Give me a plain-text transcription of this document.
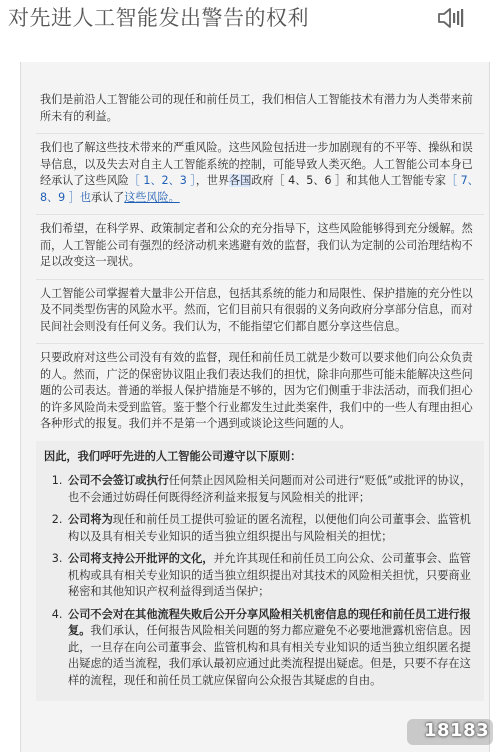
对先进人工智能发出警告的权利

我们是前沿人工智能公司的现任和前任员工，我们相信人工智能技术有潜力为人类带来前所未有的利益。

我们也了解这些技术带来的严重风险。这些风险包括进一步加剧现有的不平等、操纵和误导信息，以及失去对自主人工智能系统的控制，可能导致人类灭绝。人工智能公司本身已经承认了这些风险［ 1、2、3 ］，世界各国政府［ 4、5、6 ］和其他人工智能专家［ 7、8、9 ］也承认了这些风险。

我们希望，在科学界、政策制定者和公众的充分指导下，这些风险能够得到充分缓解。然而，人工智能公司有强烈的经济动机来逃避有效的监督，我们认为定制的公司治理结构不足以改变这一现状。

人工智能公司掌握着大量非公开信息，包括其系统的能力和局限性、保护措施的充分性以及不同类型伤害的风险水平。然而，它们目前只有很弱的义务向政府分享部分信息，而对民间社会则没有任何义务。我们认为，不能指望它们都自愿分享这些信息。

只要政府对这些公司没有有效的监督，现任和前任员工就是少数可以要求他们向公众负责的人。然而，广泛的保密协议阻止我们表达我们的担忧，除非向那些可能未能解决这些问题的公司表达。普通的举报人保护措施是不够的，因为它们侧重于非法活动，而我们担心的许多风险尚未受到监管。鉴于整个行业都发生过此类案件，我们中的一些人有理由担心各种形式的报复。我们并不是第一个遇到或谈论这些问题的人。

因此，我们呼吁先进的人工智能公司遵守以下原则：

1. 公司不会签订或执行任何禁止因风险相关问题而对公司进行“贬低”或批评的协议，也不会通过妨碍任何既得经济利益来报复与风险相关的批评；
2. 公司将为现任和前任员工提供可验证的匿名流程，以便他们向公司董事会、监管机构以及具有相关专业知识的适当独立组织提出与风险相关的担忧；
3. 公司将支持公开批评的文化，并允许其现任和前任员工向公众、公司董事会、监管机构或具有相关专业知识的适当独立组织提出对其技术的风险相关担忧，只要商业秘密和其他知识产权利益得到适当保护；
4. 公司不会对在其他流程失败后公开分享风险相关机密信息的现任和前任员工进行报复。我们承认，任何报告风险相关问题的努力都应避免不必要地泄露机密信息。因此，一旦存在向公司董事会、监管机构和具有相关专业知识的适当独立组织匿名提出疑虑的适当流程，我们承认最初应通过此类流程提出疑虑。但是，只要不存在这样的流程，现任和前任员工就应保留向公众报告其疑虑的自由。
18183
